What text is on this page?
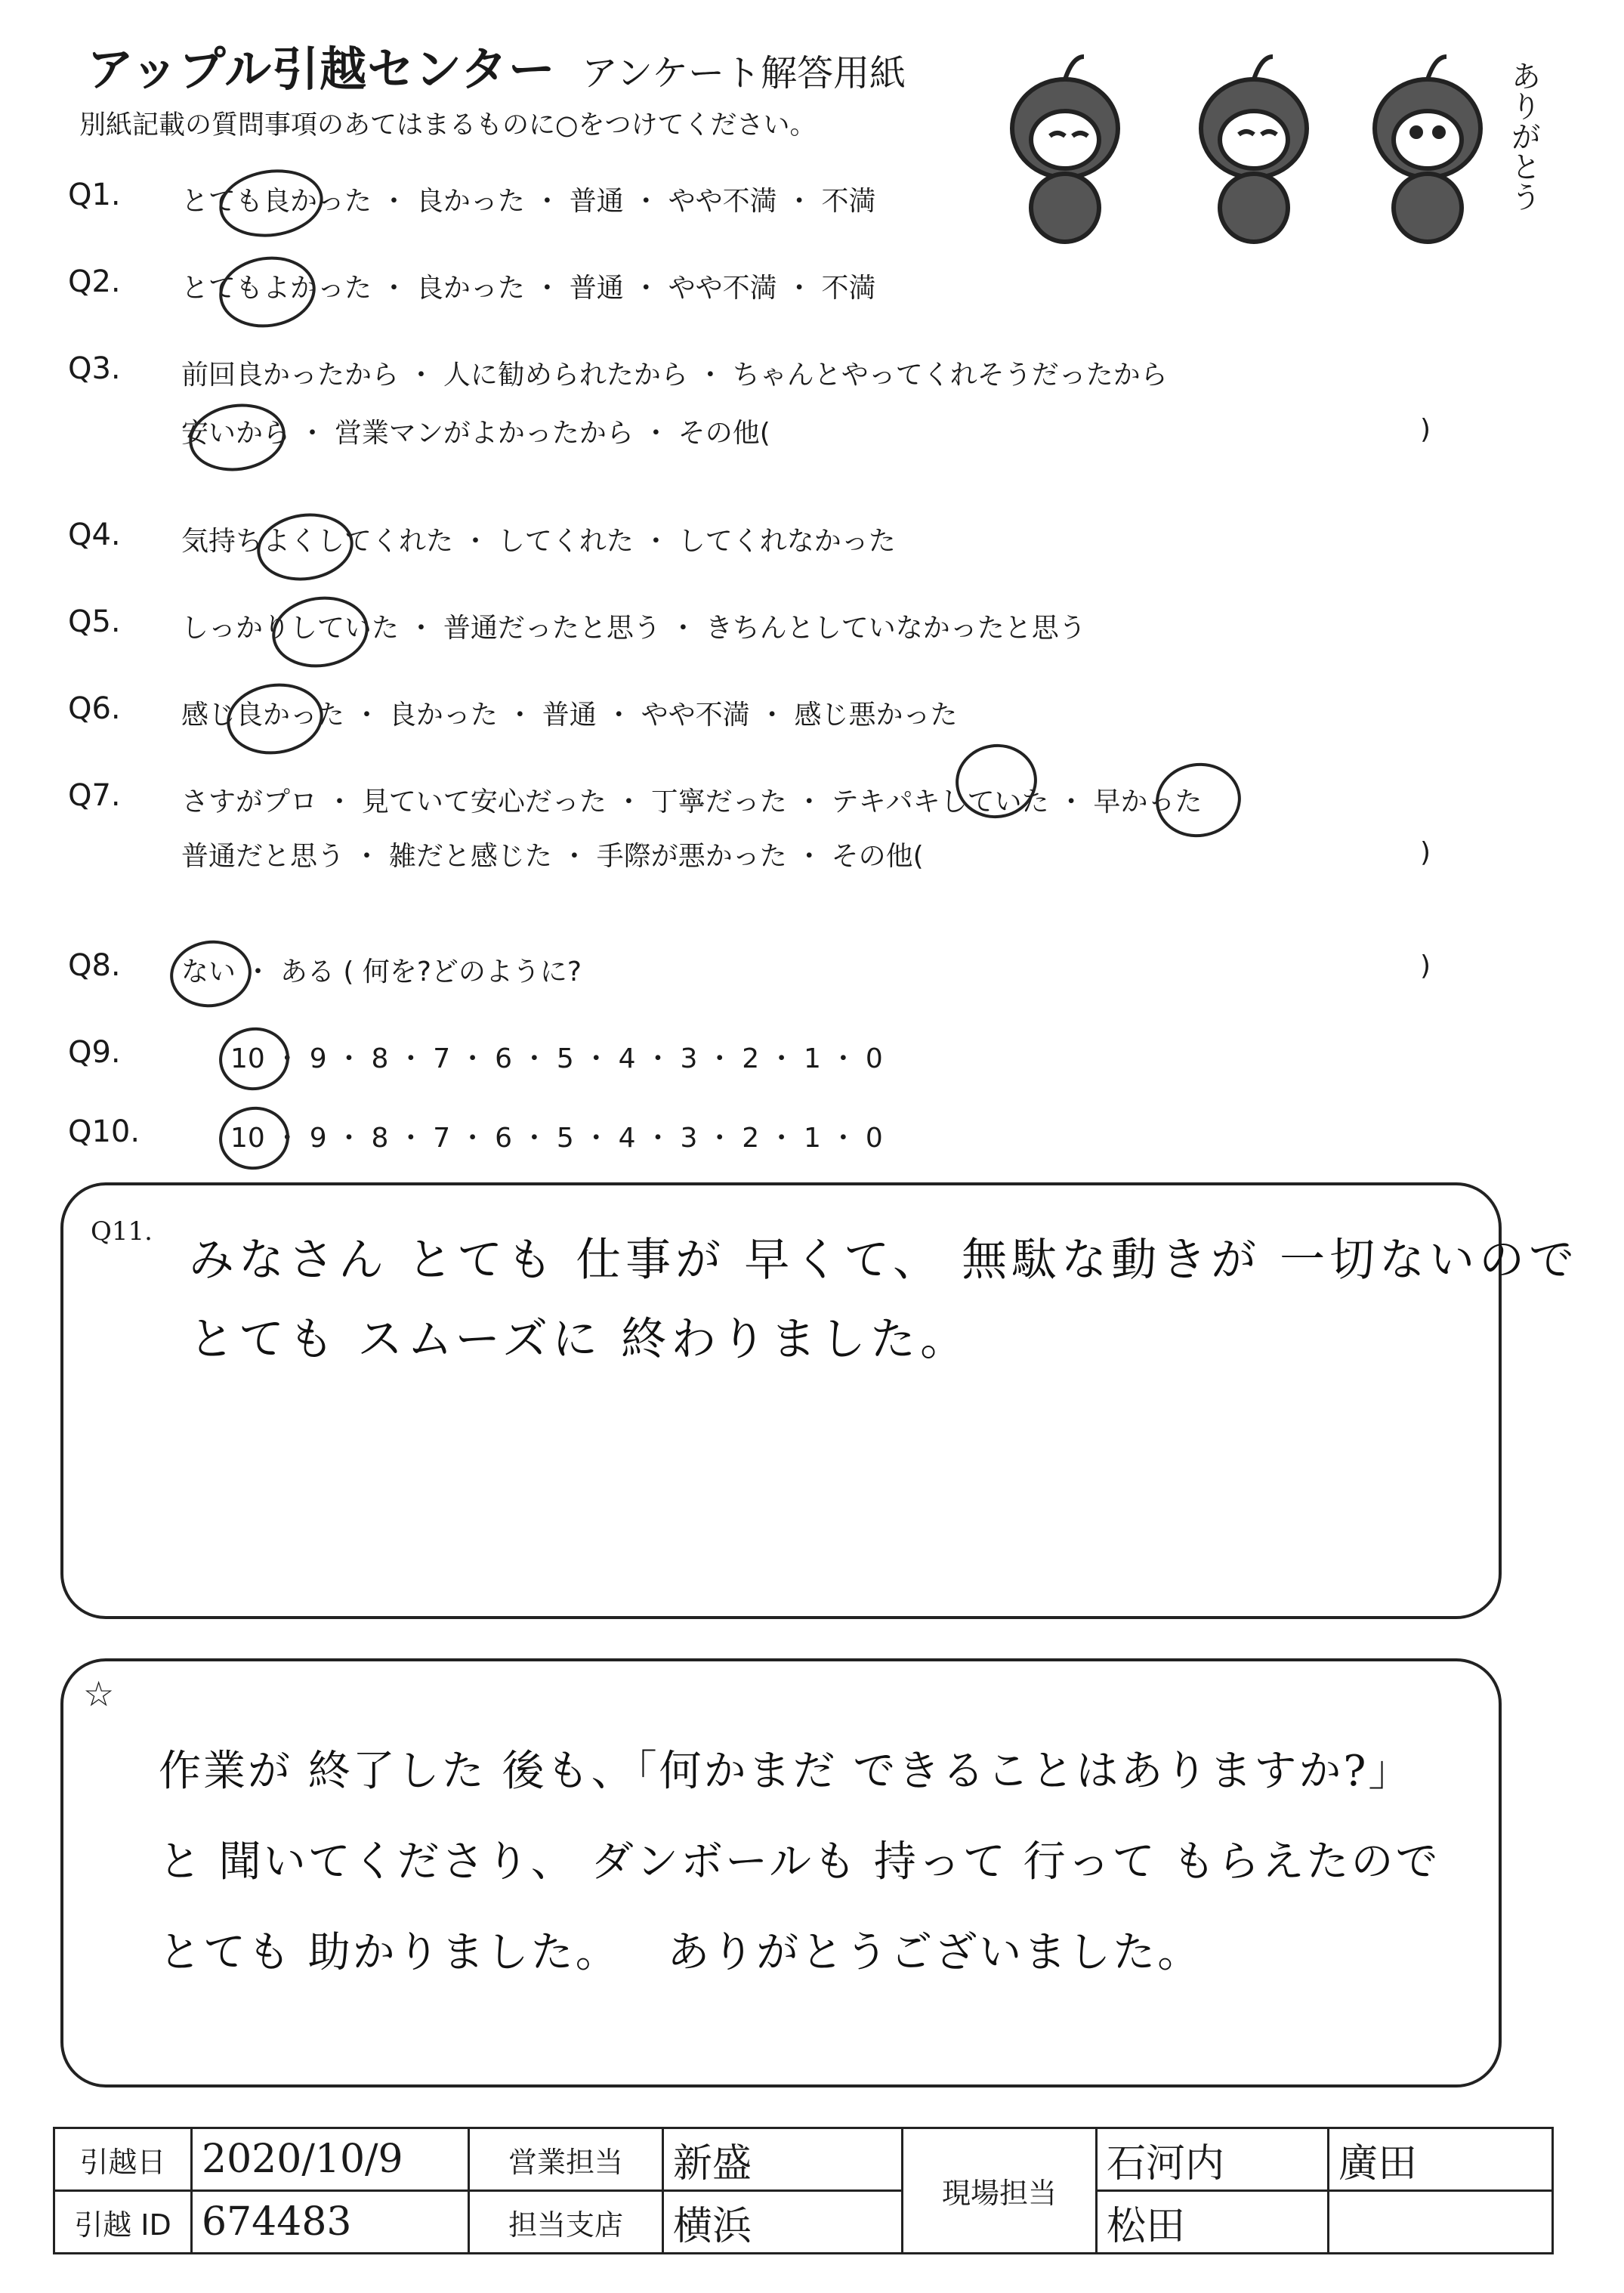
アップル引越センター アンケート解答用紙
別紙記載の質問事項のあてはまるものに○をつけてください。	ありがとう
Q1. とても良かった ・ 良かった ・ 普通 ・ やや不満 ・ 不満
Q2. とてもよかった ・ 良かった ・ 普通 ・ やや不満 ・ 不満
Q3. 前回良かったから ・ 人に勧められたから ・ ちゃんとやってくれそうだったから
安いから ・ 営業マンがよかったから ・ その他(	)
Q4. 気持ちよくしてくれた ・ してくれた ・ してくれなかった
Q5. しっかりしていた ・ 普通だったと思う ・ きちんとしていなかったと思う
Q6. 感じ良かった ・ 良かった ・ 普通 ・ やや不満 ・ 感じ悪かった
Q7. さすがプロ ・ 見ていて安心だった ・ 丁寧だった ・ テキパキしていた ・ 早かった
普通だと思う ・ 雑だと感じた ・ 手際が悪かった ・ その他(	)
Q8. ない ・ ある ( 何を?どのように?	)
Q9.	10 ・ 9 ・ 8 ・ 7 ・ 6 ・ 5 ・ 4 ・ 3 ・ 2 ・ 1 ・ 0
Q10.	10 ・ 9 ・ 8 ・ 7 ・ 6 ・ 5 ・ 4 ・ 3 ・ 2 ・ 1 ・ 0
Q11.
みなさん とても 仕事が 早くて、 無駄な動きが 一切ないので
とても スムーズに 終わりました。
☆
作業が 終了した 後も、「何かまだ できることはありますか?」
と 聞いてくださり、 ダンボールも 持って 行って もらえたので
とても 助かりました。   ありがとうございました。
引越日	2020/10/9	営業担当	新盛	現場担当	石河内	廣田
引越 ID	674483	担当支店	横浜		松田	
